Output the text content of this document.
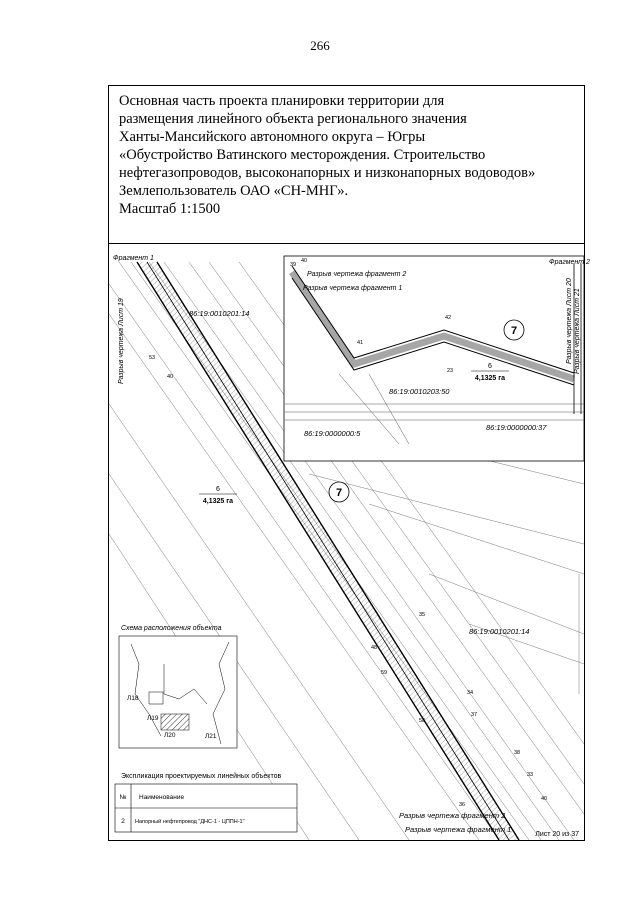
266
Основная часть проекта планировки территории для
размещения линейного объекта регионального значения
Ханты-Мансийского автономного округа – Югры
«Обустройство Ватинского месторождения. Строительство
нефтегазопроводов, высоконапорных и низконапорных водоводов»
Землепользователь ОАО «СН-МНГ».
Масштаб 1:1500
Фрагмент 1
Фрагмент 2
Разрыв чертежа фрагмент 2
Разрыв чертежа фрагмент 1
Разрыв чертежа Лист 19	Разрыв чертежа Лист 20 Разрыв чертежа Лист 21
Разрыв чертежа фрагмент 2
Разрыв чертежа фрагмент 1
86:19:0010201:14
86:19:0010203:50
86:19:0000000:5
86:19:0000000:37
86:19:0010201:14
7
7
6
4,1325 га
6
4,1325 га
39
40
41
42
23
53
40
35
48
59
34
37
58
38
33
36
40
Схема расположения объекта
Л18
Л19
Л20	Л21
Экспликация проектируемых линейных объектов
№ Наименование
2 Напорный нефтепровод "ДНС-1 - ЦППН-1"
Лист 20 из 37
